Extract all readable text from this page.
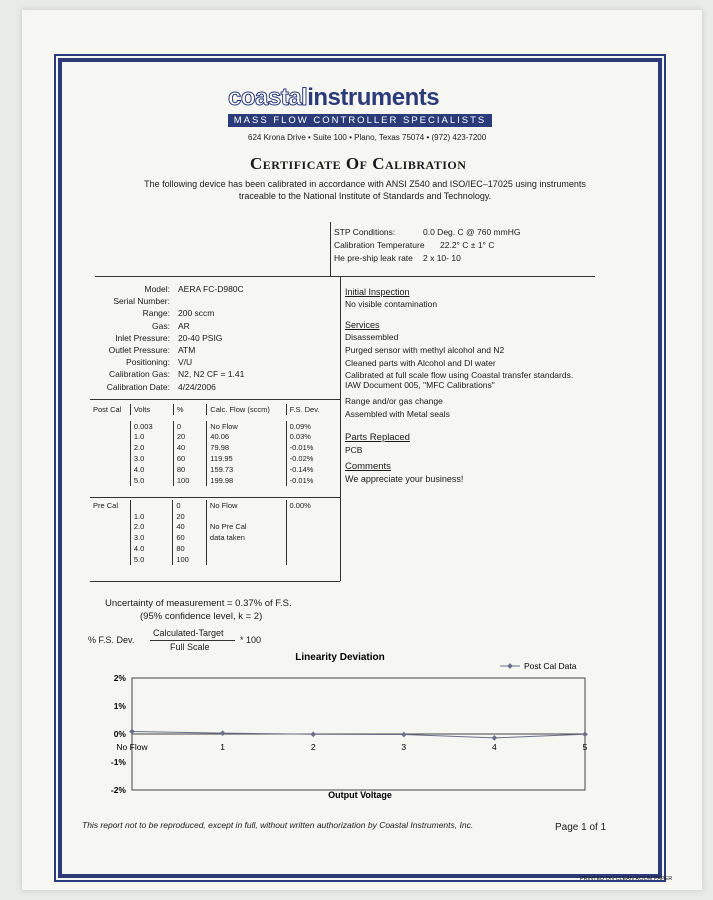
coastalinstruments
MASS FLOW CONTROLLER SPECIALISTS
624 Krona Drive • Suite 100 • Plano, Texas 75074 • (972) 423-7200
Certificate Of Calibration
The following device has been calibrated in accordance with ANSI Z540 and ISO/IEC–17025 using instruments traceable to the National Institute of Standards and Technology.
STP Conditions:	0.0 Deg. C @ 760 mmHG
Calibration Temperature 22.2° C ± 1° C
He pre-ship leak rate 2 x 10- 10
Model: AERA FC-D980C
Serial Number:
Range: 200 sccm
Gas: AR
Inlet Pressure: 20-40 PSIG
Outlet Pressure: ATM
Positioning: V/U
Calibration Gas: N2, N2 CF = 1.41
Calibration Date: 4/24/2006
Post Cal	Volts	%	Calc. Flow (sccm)	F.S. Dev.

	0.003	0	No Flow	0.09%
	1.0	20	40.06	0.03%
	2.0	40	79.98	-0.01%
	3.0	60	119.95	-0.02%
	4.0	80	159.73	-0.14%
	5.0	100	199.98	-0.01%
Pre Cal		0	No Flow	0.00%
	1.0	20		
	2.0	40	No Pre Cal	
	3.0	60	data taken	
	4.0	80		
	5.0	100		
Initial Inspection
No visible contamination
Services
Disassembled
Purged sensor with methyl alcohol and N2
Cleaned parts with Alcohol and DI water
Calibrated at full scale flow using Coastal transfer standards. IAW Document 005, "MFC Calibrations"
Range and/or gas change
Assembled with Metal seals
Parts Replaced
PCB
Comments
We appreciate your business!
Uncertainty of measurement = 0.37% of F.S.
(95% confidence level, k = 2)
% F.S. Dev.
Calculated-Target
Full Scale
* 100
Linearity Deviation
2%
1%
0%
-1%
-2%
No Flow	1	2	3	4	5
Output Voltage
Post Cal Data
This report not to be reproduced, except in full, without written authorization by Coastal Instruments, Inc.	Page 1 of 1
PRINTED ON CLEAN ROOM PAPER
